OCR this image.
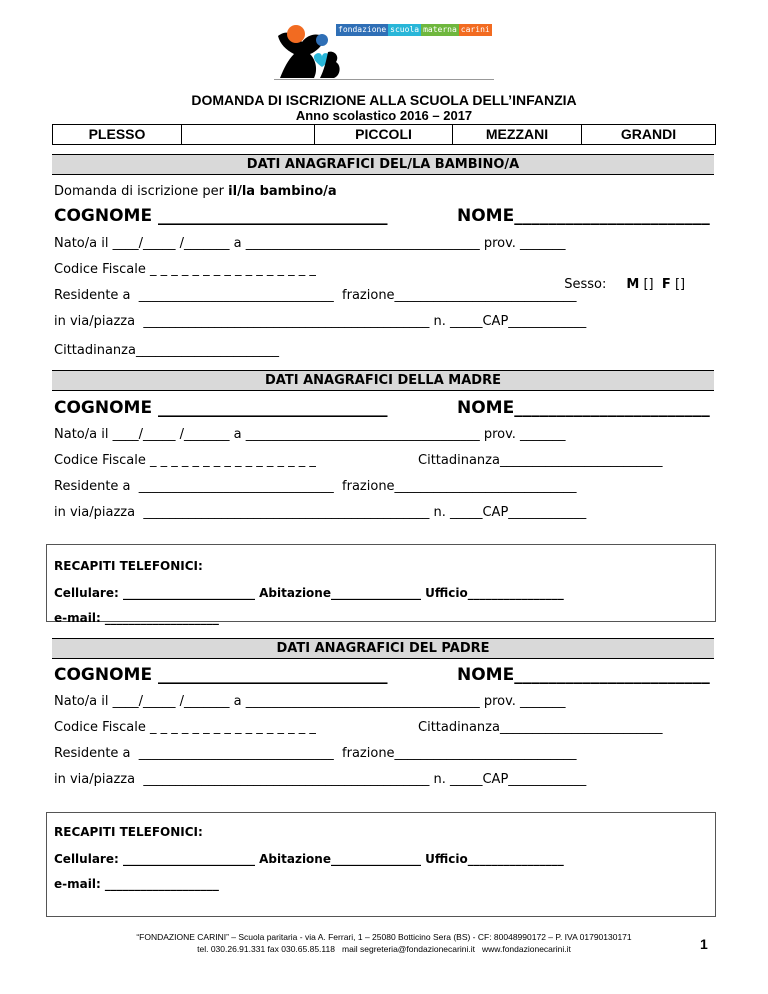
fondazione scuola materna carini
DOMANDA DI ISCRIZIONE ALLA SCUOLA DELL’INFANZIA
Anno scolastico 2016 – 2017
PLESSO	PICCOLI	MEZZANI	GRANDI
DATI ANAGRAFICI DEL/LA BAMBINO/A
Domanda di iscrizione per il/la bambino/a
COGNOME ___________________________	NOME_______________________
Nato/a il ____/_____ /_______ a ____________________________________ prov. _______
Codice Fiscale _ _ _ _ _ _ _ _ _ _ _ _ _ _ _ _

Sesso: M [] F []

Residente a  ______________________________  frazione____________________________
in via/piazza  ____________________________________________ n. _____CAP____________
Cittadinanza______________________
DATI ANAGRAFICI DELLA MADRE
COGNOME ___________________________	NOME_______________________
Nato/a il ____/_____ /_______ a ____________________________________ prov. _______
Codice Fiscale _ _ _ _ _ _ _ _ _ _ _ _ _ _ _ _	Cittadinanza_________________________
Residente a  ______________________________  frazione____________________________
in via/piazza  ____________________________________________ n. _____CAP____________
RECAPITI TELEFONICI:
Cellulare: ______________________ Abitazione_______________ Ufficio________________
e-mail: ___________________
DATI ANAGRAFICI DEL PADRE
COGNOME ___________________________	NOME_______________________
Nato/a il ____/_____ /_______ a ____________________________________ prov. _______
Codice Fiscale _ _ _ _ _ _ _ _ _ _ _ _ _ _ _ _	Cittadinanza_________________________
Residente a  ______________________________  frazione____________________________
in via/piazza  ____________________________________________ n. _____CAP____________
RECAPITI TELEFONICI:
Cellulare: ______________________ Abitazione_______________ Ufficio________________
e-mail: ___________________
“FONDAZIONE CARINI” – Scuola paritaria - via A. Ferrari, 1 – 25080 Botticino Sera (BS) - CF: 80048990172 – P. IVA 01790130171
tel. 030.26.91.331 fax 030.65.85.118   mail segreteria@fondazionecarini.it   www.fondazionecarini.it	1
